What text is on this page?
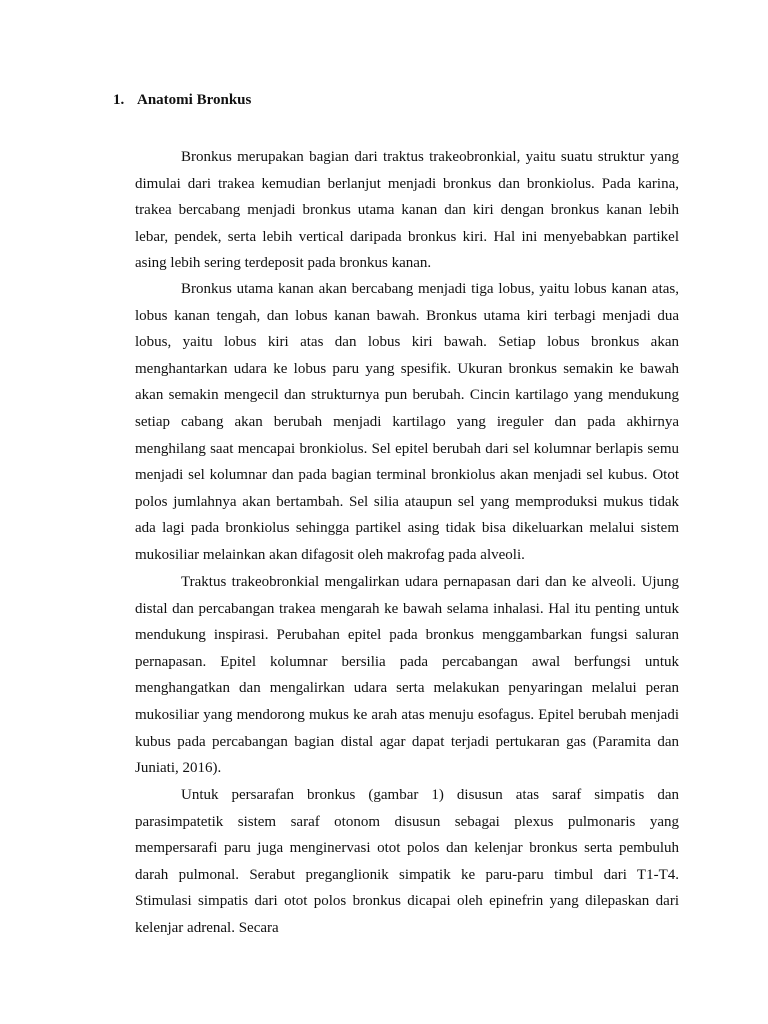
1. Anatomi Bronkus

Bronkus merupakan bagian dari traktus trakeobronkial, yaitu suatu struktur yang dimulai dari trakea kemudian berlanjut menjadi bronkus dan bronkiolus. Pada karina, trakea bercabang menjadi bronkus utama kanan dan kiri dengan bronkus kanan lebih lebar, pendek, serta lebih vertical daripada bronkus kiri. Hal ini menyebabkan partikel asing lebih sering terdeposit pada bronkus kanan.

Bronkus utama kanan akan bercabang menjadi tiga lobus, yaitu lobus kanan atas, lobus kanan tengah, dan lobus kanan bawah. Bronkus utama kiri terbagi menjadi dua lobus, yaitu lobus kiri atas dan lobus kiri bawah. Setiap lobus bronkus akan menghantarkan udara ke lobus paru yang spesifik. Ukuran bronkus semakin ke bawah akan semakin mengecil dan strukturnya pun berubah. Cincin kartilago yang mendukung setiap cabang akan berubah menjadi kartilago yang ireguler dan pada akhirnya menghilang saat mencapai bronkiolus. Sel epitel berubah dari sel kolumnar berlapis semu menjadi sel kolumnar dan pada bagian terminal bronkiolus akan menjadi sel kubus. Otot polos jumlahnya akan bertambah. Sel silia ataupun sel yang memproduksi mukus tidak ada lagi pada bronkiolus sehingga partikel asing tidak bisa dikeluarkan melalui sistem mukosiliar melainkan akan difagosit oleh makrofag pada alveoli.

Traktus trakeobronkial mengalirkan udara pernapasan dari dan ke alveoli. Ujung distal dan percabangan trakea mengarah ke bawah selama inhalasi. Hal itu penting untuk mendukung inspirasi. Perubahan epitel pada bronkus menggambarkan fungsi saluran pernapasan. Epitel kolumnar bersilia pada percabangan awal berfungsi untuk menghangatkan dan mengalirkan udara serta melakukan penyaringan melalui peran mukosiliar yang mendorong mukus ke arah atas menuju esofagus. Epitel berubah menjadi kubus pada percabangan bagian distal agar dapat terjadi pertukaran gas (Paramita dan Juniati, 2016).

Untuk persarafan bronkus (gambar 1) disusun atas saraf simpatis dan parasimpatetik sistem saraf otonom disusun sebagai plexus pulmonaris yang mempersarafi paru juga menginervasi otot polos dan kelenjar bronkus serta pembuluh darah pulmonal. Serabut preganglionik simpatik ke paru-paru timbul dari T1-T4. Stimulasi simpatis dari otot polos bronkus dicapai oleh epinefrin yang dilepaskan dari kelenjar adrenal. Secara
